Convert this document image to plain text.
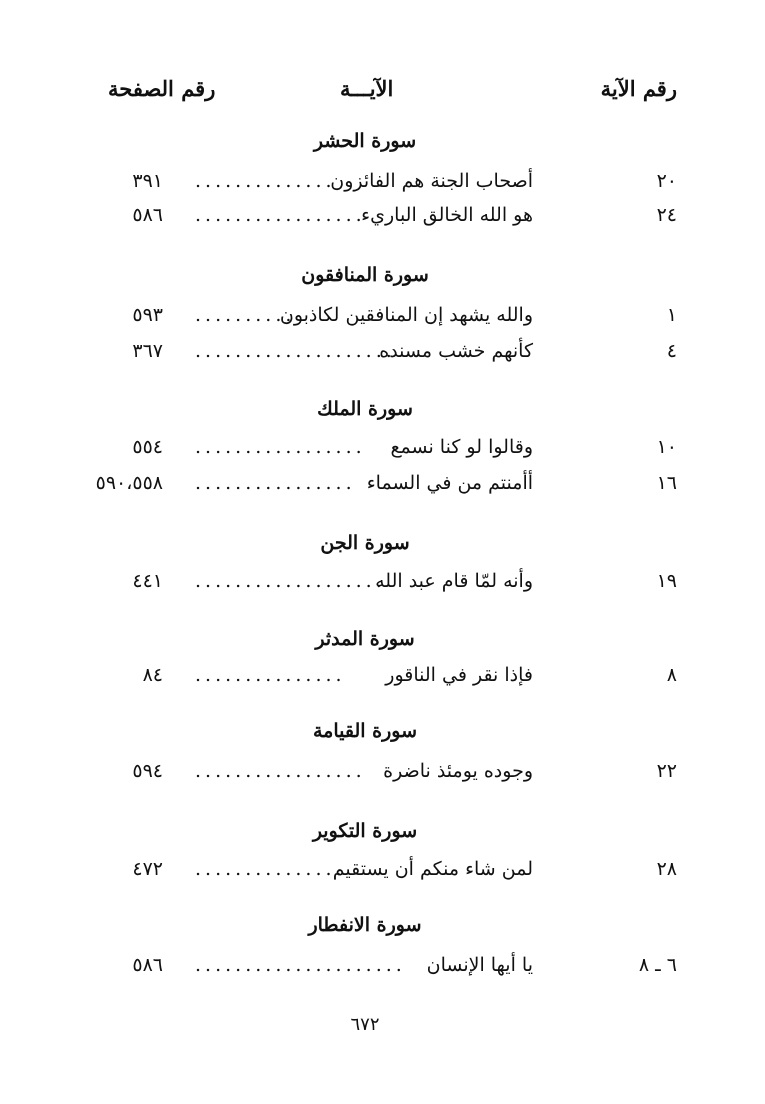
رقم الآية
الآيـــة
رقم الصفحة
سورة الحشر
٢٠
أصحاب الجنة هم الفائزون
..............
٣٩١
٢٤
هو الله الخالق الباريء
.................
٥٨٦
سورة المنافقون
١
والله يشهد إن المنافقين لكاذبون
..........
٥٩٣
٤
كأنهم خشب مسنده
....................
٣٦٧
سورة الملك
١٠
وقالوا لو كنا نسمع
.................
٥٥٤
١٦
أأمنتم من في السماء
................
٥٩٠،٥٥٨
سورة الجن
١٩
وأنه لمّا قام عبد الله
...................
٤٤١
سورة المدثر
٨
فإذا نقر في الناقور
...............
٨٤
سورة القيامة
٢٢
وجوده يومئذ ناضرة
.................
٥٩٤
سورة التكوير
٢٨
لمن شاء منكم أن يستقيم
...............
٤٧٢
سورة الانفطار
٦ ـ ٨
يا أيها الإنسان
.....................
٥٨٦
٦٧٢
